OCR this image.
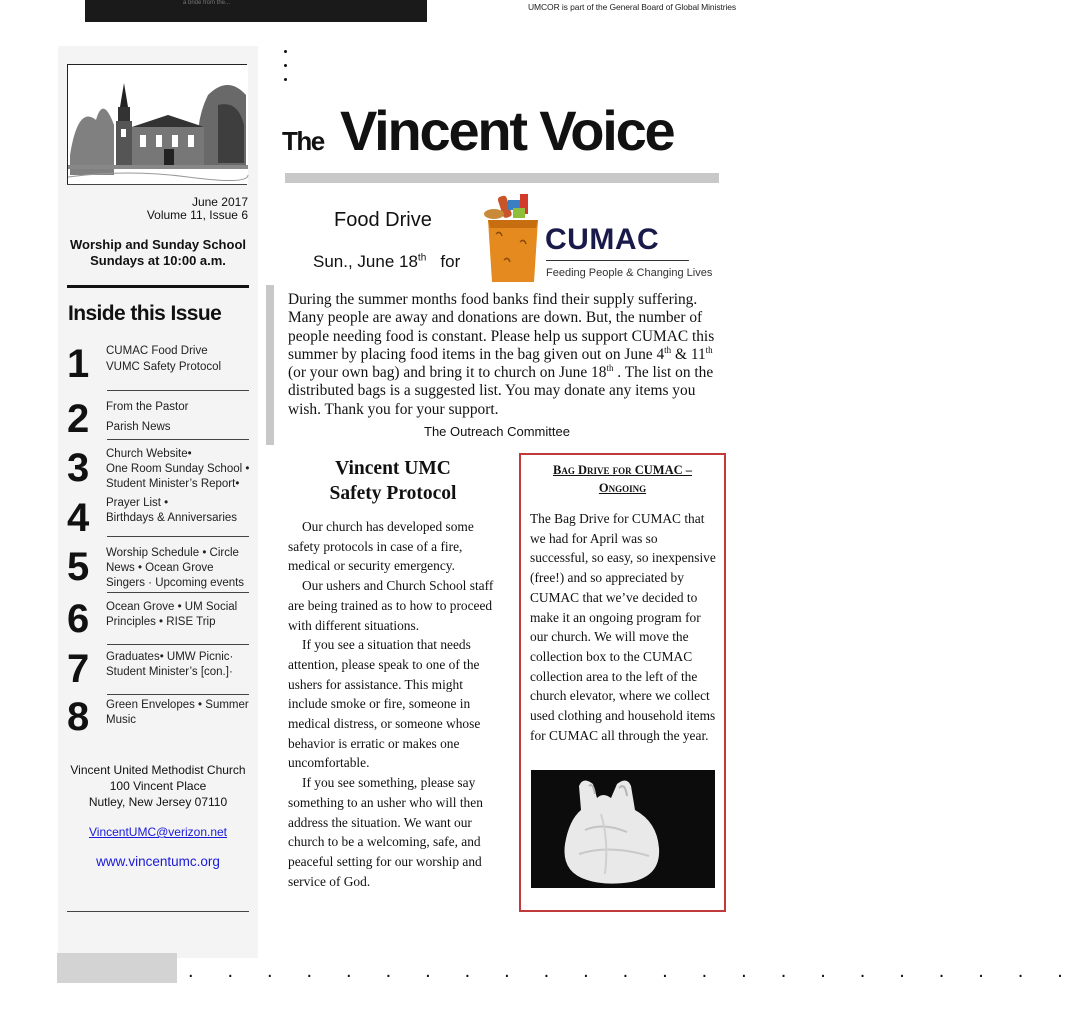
a bride from the...	UMCOR is part of the General Board of Global Ministries
June 2017
Volume 11, Issue 6
Worship and Sunday School
Sundays at 10:00 a.m.
Inside this Issue
1 CUMAC Food Drive
VUMC Safety Protocol
2 From the Pastor
Parish News
3 Church Website•
One Room Sunday School •
Student Minister’s Report•
4 Prayer List •
Birthdays & Anniversaries
5 Worship Schedule • Circle
News • Ocean Grove
Singers · Upcoming events
6 Ocean Grove • UM Social
Principles • RISE Trip
7 Graduates• UMW Picnic·
Student Minister’s [con.]·
8 Green Envelopes • Summer
Music
Vincent United Methodist Church
100 Vincent Place
Nutley, New Jersey 07110
VincentUMC@verizon.net
www.vincentumc.org
The Vincent Voice
Food Drive
Sun., June 18th   for
CUMAC
Feeding People & Changing Lives
During the summer months food banks find their supply suffering. Many people are away and donations are down. But, the number of people needing food is constant. Please help us support CUMAC this summer by placing food items in the bag given out on June 4th & 11th (or your own bag) and bring it to church on June 18th . The list on the distributed bags is a suggested list. You may donate any items you wish. Thank you for your support.
The Outreach Committee
Vincent UMC
Safety Protocol

Our church has developed some safety protocols in case of a fire, medical or security emergency.

Our ushers and Church School staff are being trained as to how to proceed with different situations.

If you see a situation that needs attention, please speak to one of the ushers for assistance. This might include smoke or fire, someone in medical distress, or someone whose behavior is erratic or makes one uncomfortable.

If you see something, please say something to an usher who will then address the situation. We want our church to be a welcoming, safe, and peaceful setting for our worship and service of God.

Bag Drive for CUMAC –
Ongoing
The Bag Drive for CUMAC that we had for April was so successful, so easy, so inexpensive (free!) and so appreciated by CUMAC that we’ve decided to make it an ongoing program for our church. We will move the collection box to the CUMAC collection area to the left of the church elevator, where we collect used clothing and household items for CUMAC all through the year.
. . . . . . . . . . . . . . . . . . . . . . .
